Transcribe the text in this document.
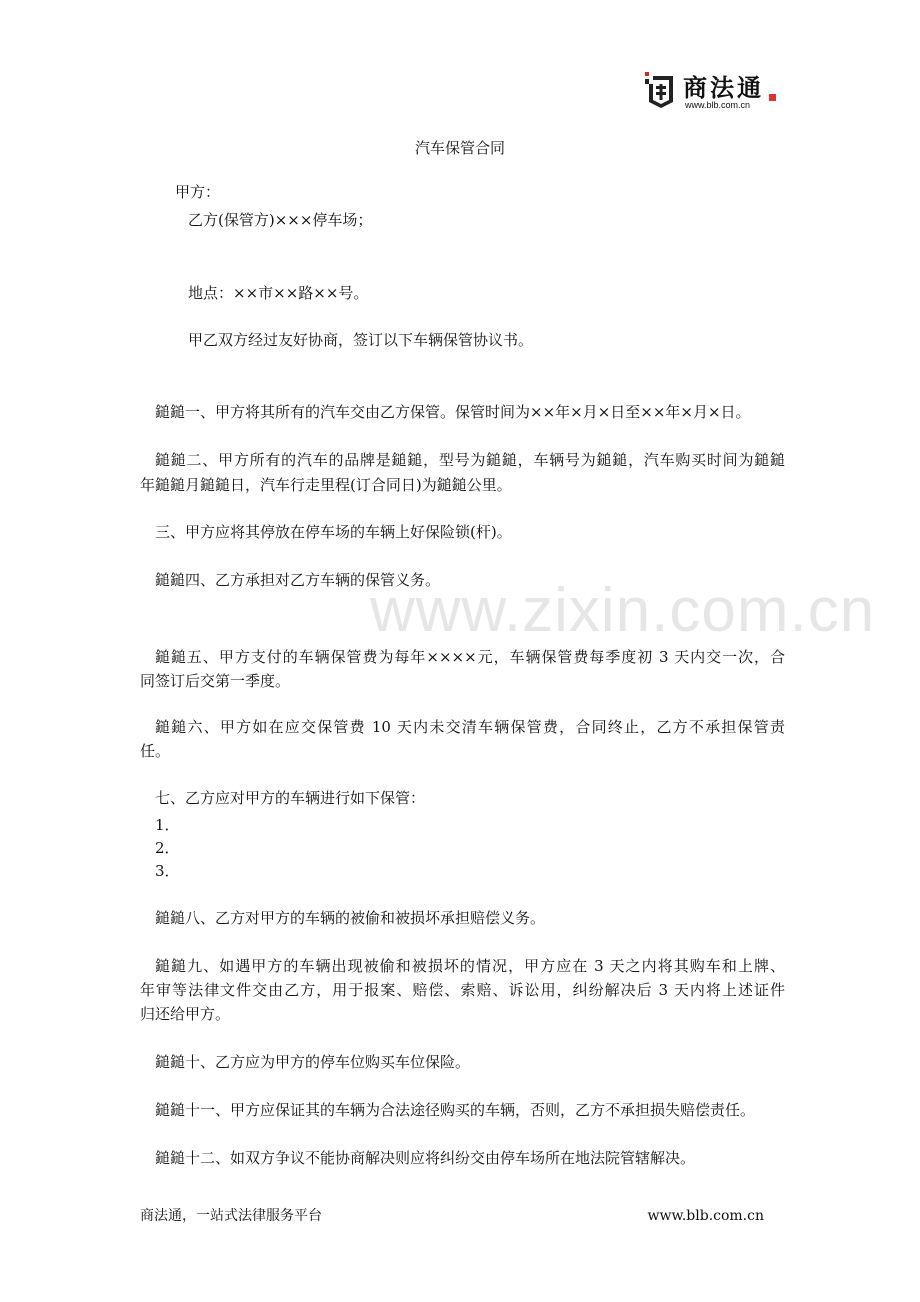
www.zixin.com.cn
商法通
www.blb.com.cn
汽车保管合同
甲方：
乙方(保管方)×××停车场；
地点：××市××路××号。
甲乙双方经过友好协商，签订以下车辆保管协议书。
鎚鎚一、甲方将其所有的汽车交由乙方保管。保管时间为××年×月×日至××年×月×日。
鎚鎚二、甲方所有的汽车的品牌是鎚鎚，型号为鎚鎚，车辆号为鎚鎚，汽车购买时间为鎚鎚
年鎚鎚月鎚鎚日，汽车行走里程(订合同日)为鎚鎚公里。
三、甲方应将其停放在停车场的车辆上好保险锁(杆)。
鎚鎚四、乙方承担对乙方车辆的保管义务。
鎚鎚五、甲方支付的车辆保管费为每年××××元，车辆保管费每季度初 3 天内交一次，合
同签订后交第一季度。
鎚鎚六、甲方如在应交保管费 10 天内未交清车辆保管费，合同终止，乙方不承担保管责
任。
七、乙方应对甲方的车辆进行如下保管：
1．
2．
3．
鎚鎚八、乙方对甲方的车辆的被偷和被损坏承担赔偿义务。
鎚鎚九、如遇甲方的车辆出现被偷和被损坏的情况，甲方应在 3 天之内将其购车和上牌、
年审等法律文件交由乙方，用于报案、赔偿、索赔、诉讼用，纠纷解决后 3 天内将上述证件
归还给甲方。
鎚鎚十、乙方应为甲方的停车位购买车位保险。
鎚鎚十一、甲方应保证其的车辆为合法途径购买的车辆，否则，乙方不承担损失赔偿责任。
鎚鎚十二、如双方争议不能协商解决则应将纠纷交由停车场所在地法院管辖解决。
商法通，一站式法律服务平台	www.blb.com.cn
